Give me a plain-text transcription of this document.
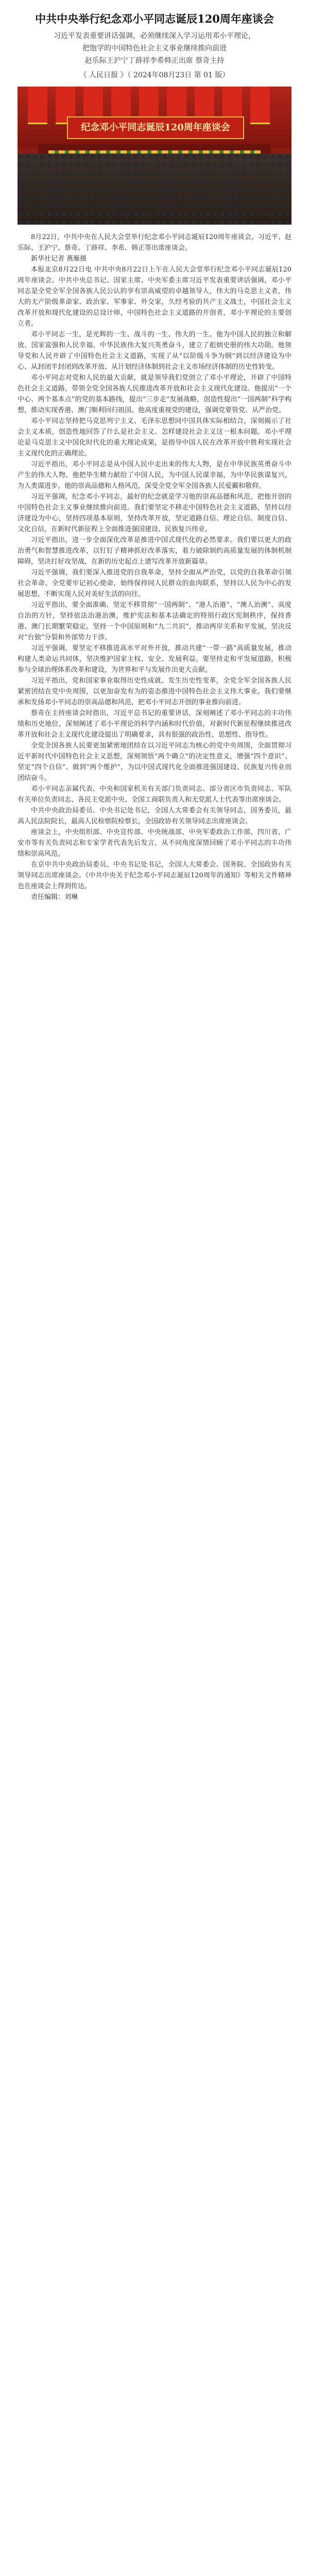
中共中央举行纪念邓小平同志诞辰120周年座谈会

习近平发表重要讲话强调，必须继续深入学习运用邓小平理论，

把饱学的中国特色社会主义事业继续推向前进

赵乐际王沪宁丁薛祥李希韩正出席 蔡奇主持

《 人民日报 》（ 2024年08月23日 第 01 版）

纪念邓小平同志诞辰120周年座谈会

8月22日，中共中央在人民大会堂举行纪念邓小平同志诞辰120周年座谈会。习近平、赵乐际、王沪宁、蔡奇、丁薛祥、李希、韩正等出席座谈会。

新华社记者 燕雁摄

本报北京8月22日电 中共中央8月22日上午在人民大会堂举行纪念邓小平同志诞辰120周年座谈会。中共中央总书记、国家主席、中央军委主席习近平发表重要讲话强调，邓小平同志是全党全军全国各族人民公认的享有崇高威望的卓越领导人，伟大的马克思主义者，伟大的无产阶级革命家、政治家、军事家、外交家，久经考验的共产主义战士，中国社会主义改革开放和现代化建设的总设计师，中国特色社会主义道路的开创者，邓小平理论的主要创立者。

邓小平同志一生，是光辉的一生、战斗的一生、伟大的一生。他为中国人民的独立和解放、国家富强和人民幸福、中华民族伟大复兴英勇奋斗，建立了彪炳史册的伟大功勋。他领导党和人民开辟了中国特色社会主义道路，实现了从“以阶级斗争为纲”到以经济建设为中心、从封闭半封闭到改革开放、从计划经济体制到社会主义市场经济体制的历史性转变。

邓小平同志对党和人民的最大贡献，就是领导我们党创立了邓小平理论，开辟了中国特色社会主义道路，带领全党全国各族人民推进改革开放和社会主义现代化建设。他提出“一个中心、两个基本点”的党的基本路线，提出“三步走”发展战略，创造性提出“一国两制”科学构想，推动实现香港、澳门顺利回归祖国。他高度重视党的建设，强调党要管党、从严治党。

邓小平同志坚持把马克思列宁主义、毛泽东思想同中国具体实际相结合，深刻揭示了社会主义本质，创造性地回答了什么是社会主义、怎样建设社会主义这一根本问题。邓小平理论是马克思主义中国化时代化的重大理论成果，是指导中国人民在改革开放中胜利实现社会主义现代化的正确理论。

习近平指出，邓小平同志是从中国人民中走出来的伟大人物，是在中华民族英勇奋斗中产生的伟大人物。他把毕生精力献给了中国人民，为中国人民谋幸福，为中华民族谋复兴，为人类谋进步。他的崇高品德和人格风范，深受全党全军全国各族人民爱戴和敬仰。

习近平强调，纪念邓小平同志，最好的纪念就是学习他的崇高品德和风范，把他开创的中国特色社会主义事业继续推向前进。我们要坚定不移走中国特色社会主义道路，坚持以经济建设为中心，坚持四项基本原则，坚持改革开放，坚定道路自信、理论自信、制度自信、文化自信，在新时代新征程上全面推进强国建设、民族复兴伟业。

习近平指出，进一步全面深化改革是推进中国式现代化的必然要求。我们要以更大的政治勇气和智慧推进改革，以钉钉子精神抓好改革落实，着力破除制约高质量发展的体制机制障碍，坚决打好攻坚战，在新的历史起点上谱写改革开放新篇章。

习近平强调，我们要深入推进党的自我革命，坚持全面从严治党，以党的自我革命引领社会革命。全党要牢记初心使命，始终保持同人民群众的血肉联系，坚持以人民为中心的发展思想，不断实现人民对美好生活的向往。

习近平指出，要全面准确、坚定不移贯彻“一国两制”、“港人治港”、“澳人治澳”、高度自治的方针，坚持依法治港治澳，维护宪法和基本法确定的特别行政区宪制秩序，保持香港、澳门长期繁荣稳定。坚持一个中国原则和“九二共识”，推动两岸关系和平发展，坚决反对“台独”分裂和外部势力干涉。

习近平强调，要坚定不移推进高水平对外开放，推动共建“一带一路”高质量发展，推动构建人类命运共同体，坚决维护国家主权、安全、发展利益。要坚持走和平发展道路，积极参与全球治理体系改革和建设，为世界和平与发展作出更大贡献。

习近平指出，党和国家事业取得历史性成就、发生历史性变革，全党全军全国各族人民紧密团结在党中央周围，以更加奋发有为的姿态推进中国特色社会主义伟大事业。我们要继承和发扬邓小平同志的崇高品德和风范，把邓小平同志开创的事业推向前进。

蔡奇在主持座谈会时指出，习近平总书记的重要讲话，深刻阐述了邓小平同志的丰功伟绩和历史地位，深刻阐述了邓小平理论的科学内涵和时代价值，对新时代新征程继续推进改革开放和社会主义现代化建设提出了明确要求，具有很强的政治性、思想性、指导性。

全党全国各族人民要更加紧密地团结在以习近平同志为核心的党中央周围，全面贯彻习近平新时代中国特色社会主义思想，深刻领悟“两个确立”的决定性意义，增强“四个意识”、坚定“四个自信”、做到“两个维护”，为以中国式现代化全面推进强国建设、民族复兴伟业而团结奋斗。

邓小平同志亲属代表、中央和国家机关有关部门负责同志、部分省区市负责同志、军队有关单位负责同志、各民主党派中央、全国工商联负责人和无党派人士代表等出席座谈会。

中共中央政治局委员、中央书记处书记，全国人大常委会有关领导同志，国务委员，最高人民法院院长，最高人民检察院检察长，全国政协有关领导同志出席座谈会。

座谈会上，中央组织部、中央宣传部、中央统战部、中央军委政治工作部、四川省、广安市等有关负责同志和专家学者代表先后发言，从不同角度深情回顾了邓小平同志的丰功伟绩和崇高风范。

在京中共中央政治局委员、中央书记处书记，全国人大常委会、国务院、全国政协有关领导同志出席座谈会。《中共中央关于纪念邓小平同志诞辰120周年的通知》等相关文件精神也在座谈会上得到传达。

责任编辑：刘琳
